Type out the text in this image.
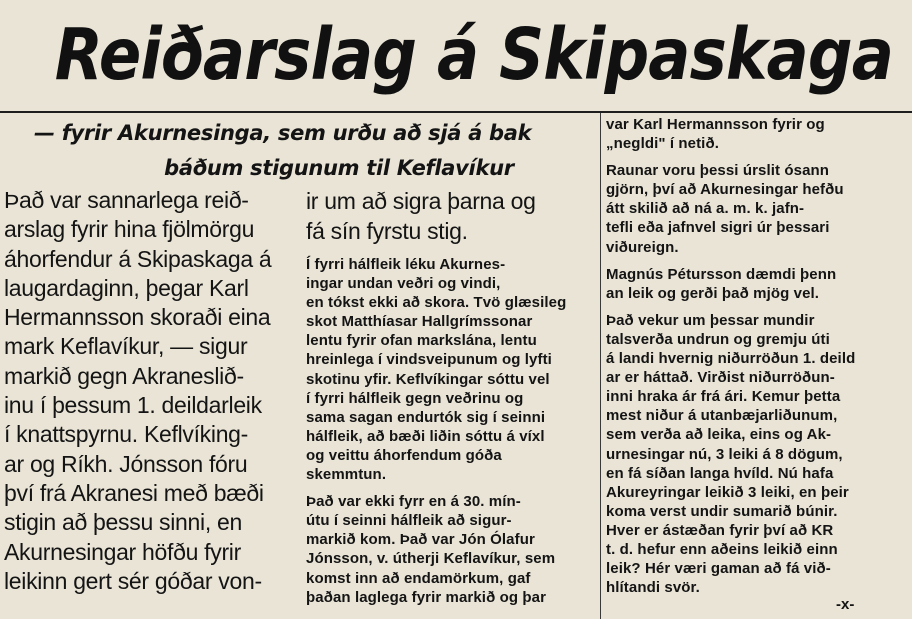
Reiðarslag á Skipaskaga
— fyrir Akurnesinga, sem urðu að sjá á bak
báðum stigunum til Keflavíkur
Það var sannarlega reið-
arslag fyrir hina fjölmörgu
áhorfendur á Skipaskaga á
laugardaginn, þegar Karl
Hermannsson skoraði eina
mark Keflavíkur, — sigur
markið gegn Akraneslið-
inu í þessum 1. deildarleik
í knattspyrnu. Keflvíking-
ar og Ríkh. Jónsson fóru
því frá Akranesi með bæði
stigin að þessu sinni, en
Akurnesingar höfðu fyrir
leikinn gert sér góðar von-
ir um að sigra þarna og
fá sín fyrstu stig.
Í fyrri hálfleik léku Akurnes-
ingar undan veðri og vindi,
en tókst ekki að skora. Tvö glæsileg
skot Matthíasar Hallgrímssonar
lentu fyrir ofan markslána, lentu
hreinlega í vindsveipunum og lyfti
skotinu yfir. Keflvíkingar sóttu vel
í fyrri hálfleik gegn veðrinu og
sama sagan endurtók sig í seinni
hálfleik, að bæði liðin sóttu á víxl
og veittu áhorfendum góða
skemmtun.
Það var ekki fyrr en á 30. mín-
útu í seinni hálfleik að sigur-
markið kom. Það var Jón Ólafur
Jónsson, v. útherji Keflavíkur, sem
komst inn að endamörkum, gaf
þaðan laglega fyrir markið og þar
var Karl Hermannsson fyrir og
„negldi" í netið.
Raunar voru þessi úrslit ósann
gjörn, því að Akurnesingar hefðu
átt skilið að ná a. m. k. jafn-
tefli eða jafnvel sigri úr þessari
viðureign.
Magnús Pétursson dæmdi þenn
an leik og gerði það mjög vel.
Það vekur um þessar mundir
talsverða undrun og gremju úti
á landi hvernig niðurröðun 1. deild
ar er háttað. Virðist niðurröðun-
inni hraka ár frá ári. Kemur þetta
mest niður á utanbæjarliðunum,
sem verða að leika, eins og Ak-
urnesingar nú, 3 leiki á 8 dögum,
en fá síðan langa hvíld. Nú hafa
Akureyringar leikið 3 leiki, en þeir
koma verst undir sumarið búnir.
Hver er ástæðan fyrir því að KR
t. d. hefur enn aðeins leikið einn
leik? Hér væri gaman að fá við-
hlítandi svör.
-x-
